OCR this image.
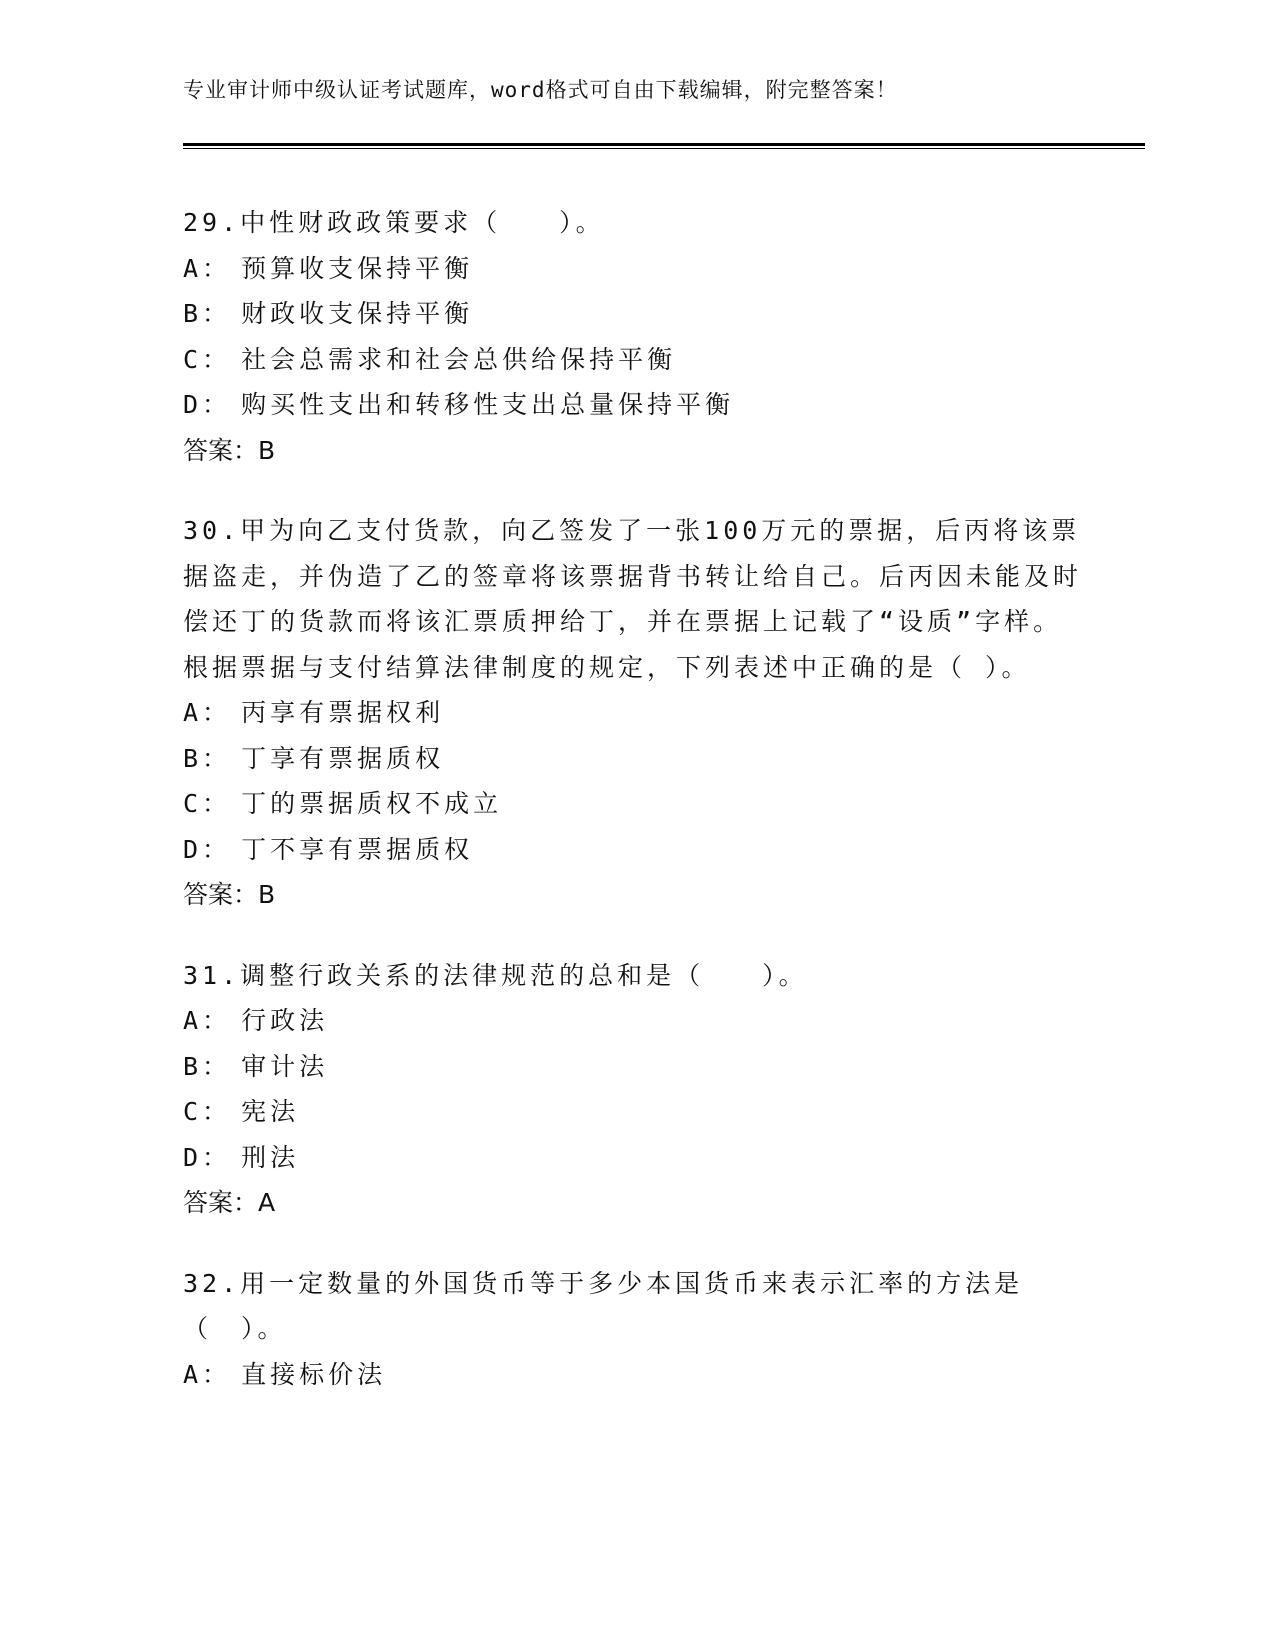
专业审计师中级认证考试题库，word格式可自由下载编辑，附完整答案！

29.中性财政政策要求（　　）。

A： 预算收支保持平衡
B： 财政收支保持平衡
C： 社会总需求和社会总供给保持平衡
D： 购买性支出和转移性支出总量保持平衡
答案：B

30.甲为向乙支付货款，向乙签发了一张100万元的票据，后丙将该票据盗走，并伪造了乙的签章将该票据背书转让给自己。后丙因未能及时偿还丁的货款而将该汇票质押给丁，并在票据上记载了“设质”字样。根据票据与支付结算法律制度的规定，下列表述中正确的是（ ）。

A： 丙享有票据权利
B： 丁享有票据质权
C： 丁的票据质权不成立
D： 丁不享有票据质权
答案：B

31.调整行政关系的法律规范的总和是（　　）。

A： 行政法
B： 审计法
C： 宪法
D： 刑法
答案：A

32.用一定数量的外国货币等于多少本国货币来表示汇率的方法是（　）。

A： 直接标价法
